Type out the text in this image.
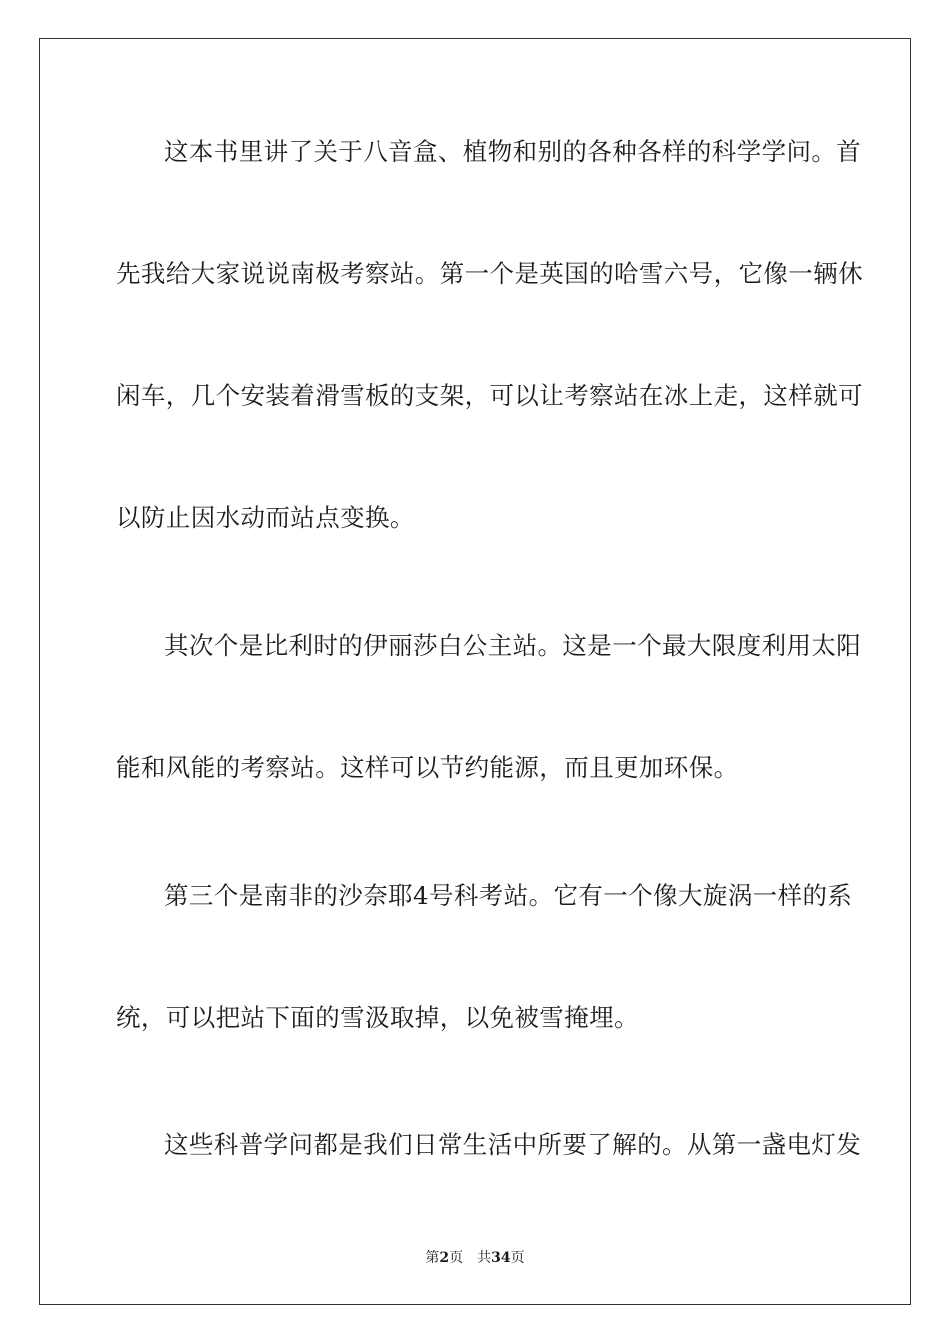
这本书里讲了关于八音盒、植物和别的各种各样的科学学问。首
先我给大家说说南极考察站。第一个是英国的哈雪六号，它像一辆休
闲车，几个安装着滑雪板的支架，可以让考察站在冰上走，这样就可
以防止因水动而站点变换。
其次个是比利时的伊丽莎白公主站。这是一个最大限度利用太阳
能和风能的考察站。这样可以节约能源，而且更加环保。
第三个是南非的沙奈耶4号科考站。它有一个像大旋涡一样的系
统，可以把站下面的雪汲取掉，以免被雪掩埋。
这些科普学问都是我们日常生活中所要了解的。从第一盏电灯发
第2页 共34页
